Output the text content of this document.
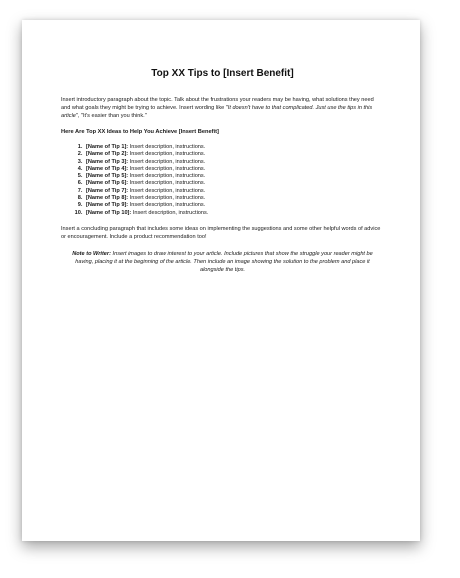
Top XX Tips to [Insert Benefit]

Insert introductory paragraph about the topic. Talk about the frustrations your readers may be having, what solutions they need and what goals they might be trying to achieve. Insert wording like "It doesn't have to that complicated. Just use the tips in this article", "It's easier than you think."

Here Are Top XX Ideas to Help You Achieve [Insert Benefit]
1. [Name of Tip 1]: Insert description, instructions.
2. [Name of Tip 2]: Insert description, instructions.
3. [Name of Tip 3]: Insert description, instructions.
4. [Name of Tip 4]: Insert description, instructions.
5. [Name of Tip 5]: Insert description, instructions.
6. [Name of Tip 6]: Insert description, instructions.
7. [Name of Tip 7]: Insert description, instructions.
8. [Name of Tip 8]: Insert description, instructions.
9. [Name of Tip 9]: Insert description, instructions.
10. [Name of Tip 10]: Insert description, instructions.

Insert a concluding paragraph that includes some ideas on implementing the suggestions and some other helpful words of advice or encouragement. Include a product recommendation too!

Note to Writer: Insert images to draw interest to your article. Include pictures that show the struggle your reader might be having, placing it at the beginning of the article. Then include an image showing the solution to the problem and place it alongside the tips.
